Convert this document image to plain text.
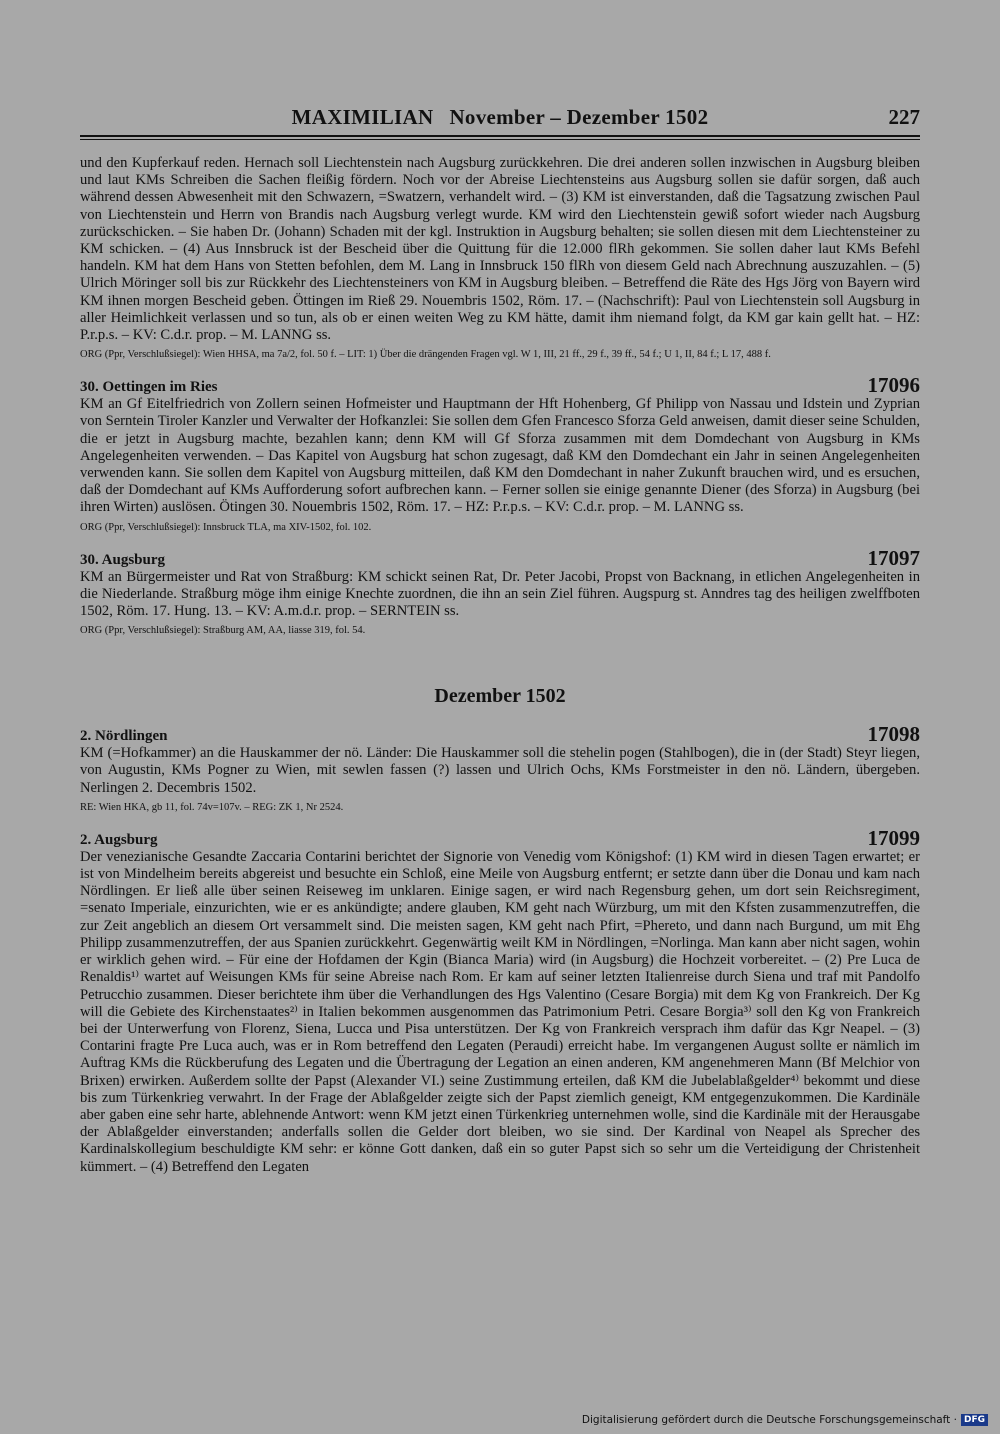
MAXIMILIAN November – Dezember 1502	227

und den Kupferkauf reden. Hernach soll Liechtenstein nach Augsburg zurückkehren. Die drei anderen sollen inzwischen in Augsburg bleiben und laut KMs Schreiben die Sachen fleißig fördern. Noch vor der Abreise Liechtensteins aus Augsburg sollen sie dafür sorgen, daß auch während dessen Abwesenheit mit den Schwazern, =Swatzern, verhandelt wird. – (3) KM ist einverstanden, daß die Tagsatzung zwischen Paul von Liechtenstein und Herrn von Brandis nach Augsburg verlegt wurde. KM wird den Liechtenstein gewiß sofort wieder nach Augsburg zurückschicken. – Sie haben Dr. (Johann) Schaden mit der kgl. Instruktion in Augsburg behalten; sie sollen diesen mit dem Liechtensteiner zu KM schicken. – (4) Aus Innsbruck ist der Bescheid über die Quittung für die 12.000 flRh gekommen. Sie sollen daher laut KMs Befehl handeln. KM hat dem Hans von Stetten befohlen, dem M. Lang in Innsbruck 150 flRh von diesem Geld nach Abrechnung auszuzahlen. – (5) Ulrich Möringer soll bis zur Rückkehr des Liechtensteiners von KM in Augsburg bleiben. – Betreffend die Räte des Hgs Jörg von Bayern wird KM ihnen morgen Bescheid geben. Öttingen im Rieß 29. Nouembris 1502, Röm. 17. – (Nachschrift): Paul von Liechtenstein soll Augsburg in aller Heimlichkeit verlassen und so tun, als ob er einen weiten Weg zu KM hätte, damit ihm niemand folgt, da KM gar kain gellt hat. – HZ: P.r.p.s. – KV: C.d.r. prop. – M. LANNG ss.

ORG (Ppr, Verschlußsiegel): Wien HHSA, ma 7a/2, fol. 50 f. – LIT: 1) Über die drängenden Fragen vgl. W 1, III, 21 ff., 29 f., 39 ff., 54 f.; U 1, II, 84 f.; L 17, 488 f.

30. Oettingen im Ries	17096

KM an Gf Eitelfriedrich von Zollern seinen Hofmeister und Hauptmann der Hft Hohenberg, Gf Philipp von Nassau und Idstein und Zyprian von Serntein Tiroler Kanzler und Verwalter der Hofkanzlei: Sie sollen dem Gfen Francesco Sforza Geld anweisen, damit dieser seine Schulden, die er jetzt in Augsburg machte, bezahlen kann; denn KM will Gf Sforza zusammen mit dem Domdechant von Augsburg in KMs Angelegenheiten verwenden. – Das Kapitel von Augsburg hat schon zugesagt, daß KM den Domdechant ein Jahr in seinen Angelegenheiten verwenden kann. Sie sollen dem Kapitel von Augsburg mitteilen, daß KM den Domdechant in naher Zukunft brauchen wird, und es ersuchen, daß der Domdechant auf KMs Aufforderung sofort aufbrechen kann. – Ferner sollen sie einige genannte Diener (des Sforza) in Augsburg (bei ihren Wirten) auslösen. Ötingen 30. Nouembris 1502, Röm. 17. – HZ: P.r.p.s. – KV: C.d.r. prop. – M. LANNG ss.

ORG (Ppr, Verschlußsiegel): Innsbruck TLA, ma XIV-1502, fol. 102.

30. Augsburg	17097

KM an Bürgermeister und Rat von Straßburg: KM schickt seinen Rat, Dr. Peter Jacobi, Propst von Backnang, in etlichen Angelegenheiten in die Niederlande. Straßburg möge ihm einige Knechte zuordnen, die ihn an sein Ziel führen. Augspurg st. Anndres tag des heiligen zwelffboten 1502, Röm. 17. Hung. 13. – KV: A.m.d.r. prop. – SERNTEIN ss.

ORG (Ppr, Verschlußsiegel): Straßburg AM, AA, liasse 319, fol. 54.

Dezember 1502
2. Nördlingen	17098

KM (=Hofkammer) an die Hauskammer der nö. Länder: Die Hauskammer soll die stehelin pogen (Stahlbogen), die in (der Stadt) Steyr liegen, von Augustin, KMs Pogner zu Wien, mit sewlen fassen (?) lassen und Ulrich Ochs, KMs Forstmeister in den nö. Ländern, übergeben. Nerlingen 2. Decembris 1502.

RE: Wien HKA, gb 11, fol. 74v=107v. – REG: ZK 1, Nr 2524.

2. Augsburg	17099

Der venezianische Gesandte Zaccaria Contarini berichtet der Signorie von Venedig vom Königshof: (1) KM wird in diesen Tagen erwartet; er ist von Mindelheim bereits abgereist und besuchte ein Schloß, eine Meile von Augsburg entfernt; er setzte dann über die Donau und kam nach Nördlingen. Er ließ alle über seinen Reiseweg im unklaren. Einige sagen, er wird nach Regensburg gehen, um dort sein Reichsregiment, =senato Imperiale, einzurichten, wie er es ankündigte; andere glauben, KM geht nach Würzburg, um mit den Kfsten zusammenzutreffen, die zur Zeit angeblich an diesem Ort versammelt sind. Die meisten sagen, KM geht nach Pfirt, =Phereto, und dann nach Burgund, um mit Ehg Philipp zusammenzutreffen, der aus Spanien zurückkehrt. Gegenwärtig weilt KM in Nördlingen, =Norlinga. Man kann aber nicht sagen, wohin er wirklich gehen wird. – Für eine der Hofdamen der Kgin (Bianca Maria) wird (in Augsburg) die Hochzeit vorbereitet. – (2) Pre Luca de Renaldis¹⁾ wartet auf Weisungen KMs für seine Abreise nach Rom. Er kam auf seiner letzten Italienreise durch Siena und traf mit Pandolfo Petrucchio zusammen. Dieser berichtete ihm über die Verhandlungen des Hgs Valentino (Cesare Borgia) mit dem Kg von Frankreich. Der Kg will die Gebiete des Kirchenstaates²⁾ in Italien bekommen ausgenommen das Patrimonium Petri. Cesare Borgia³⁾ soll den Kg von Frankreich bei der Unterwerfung von Florenz, Siena, Lucca und Pisa unterstützen. Der Kg von Frankreich versprach ihm dafür das Kgr Neapel. – (3) Contarini fragte Pre Luca auch, was er in Rom betreffend den Legaten (Peraudi) erreicht habe. Im vergangenen August sollte er nämlich im Auftrag KMs die Rückberufung des Legaten und die Übertragung der Legation an einen anderen, KM angenehmeren Mann (Bf Melchior von Brixen) erwirken. Außerdem sollte der Papst (Alexander VI.) seine Zustimmung erteilen, daß KM die Jubelablaßgelder⁴⁾ bekommt und diese bis zum Türkenkrieg verwahrt. In der Frage der Ablaßgelder zeigte sich der Papst ziemlich geneigt, KM entgegenzukommen. Die Kardinäle aber gaben eine sehr harte, ablehnende Antwort: wenn KM jetzt einen Türkenkrieg unternehmen wolle, sind die Kardinäle mit der Herausgabe der Ablaßgelder einverstanden; anderfalls sollen die Gelder dort bleiben, wo sie sind. Der Kardinal von Neapel als Sprecher des Kardinalskollegium beschuldigte KM sehr: er könne Gott danken, daß ein so guter Papst sich so sehr um die Verteidigung der Christenheit kümmert. – (4) Betreffend den Legaten

Digitalisierung gefördert durch die Deutsche Forschungsgemeinschaft · DFG
